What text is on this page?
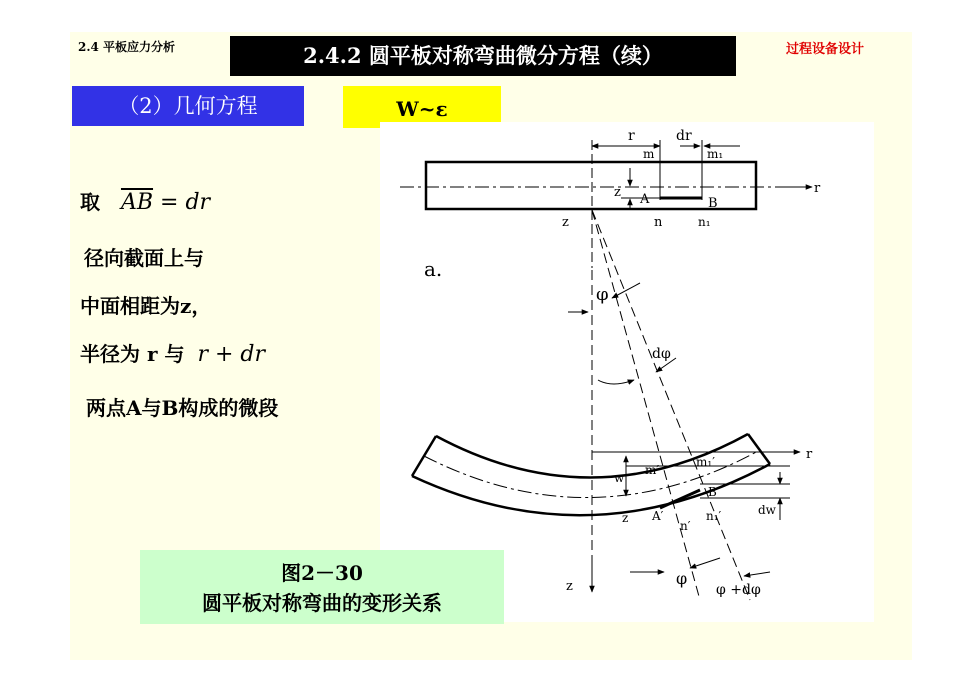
2.4 平板应力分析	2.4.2 圆平板对称弯曲微分方程（续）	过程设备设计
（2）几何方程	W~ε
取 $\overline{AB}$ = dr
径向截面上与
中面相距为z，
半径为 r 与 r + dr
两点A与B构成的微段
图2－30
圆平板对称弯曲的变形关系
r	dr
m	m₁
z A	B
n	n₁
z
r
a.
φ
dφ
w
m′
m₁′
B′
z A′
n′
n₁′	dw
r
z	φ
φ +dφ
